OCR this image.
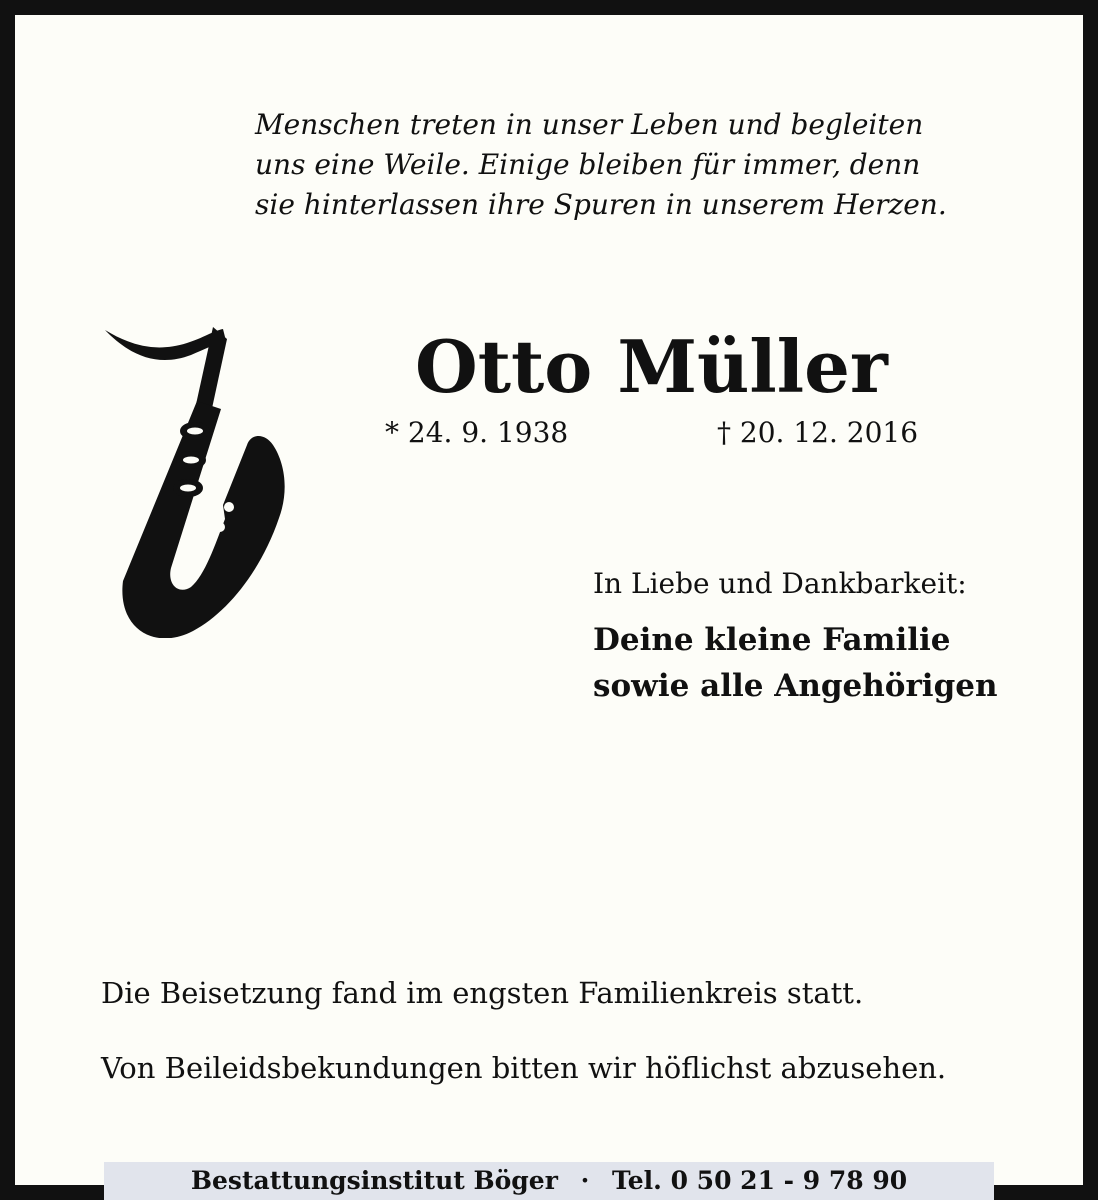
Menschen treten in unser Leben und begleiten
uns eine Weile. Einige bleiben für immer, denn
sie hinterlassen ihre Spuren in unserem Herzen.

Otto Müller
* 24. 9. 1938	† 20. 12. 2016
In Liebe und Dankbarkeit:
Deine kleine Familie
sowie alle Angehörigen

Die Beisetzung fand im engsten Familienkreis statt.

Von Beileidsbekundungen bitten wir höflichst abzusehen.

Bestattungsinstitut Böger · Tel. 0 50 21 - 9 78 90
